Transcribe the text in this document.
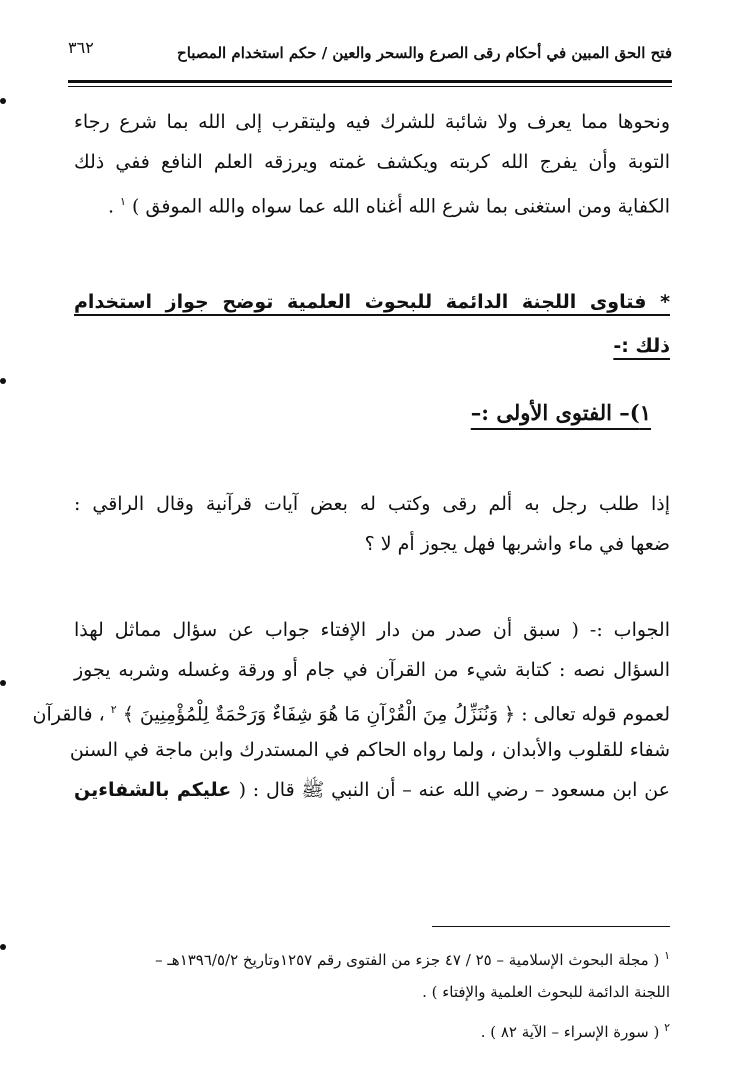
٣٦٢	فتح الحق المبين في أحكام رقى الصرع والسحر والعين / حكم استخدام المصباح
ونحوها مما يعرف ولا شائبة للشرك فيه وليتقرب إلى الله بما شرع رجاء
التوبة وأن يفرج الله كربته ويكشف غمته ويرزقه العلم النافع ففي ذلك
الكفاية ومن استغنى بما شرع الله أغناه الله عما سواه والله الموفق ) $^١$ .
* فتاوى اللجنة الدائمة للبحوث العلمية توضح جواز استخدام
ذلك :-
١)– الفتوى الأولى :–
إذا طلب رجل به ألم رقى وكتب له بعض آيات قرآنية وقال الراقي :
ضعها في ماء واشربها فهل يجوز أم لا ؟
الجواب :- ( سبق أن صدر من دار الإفتاء جواب عن سؤال مماثل لهذا
السؤال نصه : كتابة شيء من القرآن في جام أو ورقة وغسله وشربه يجوز
لعموم قوله تعالى : ﴿ وَنُنَزِّلُ مِنَ الْقُرْآنِ مَا هُوَ شِفَاءٌ وَرَحْمَةٌ لِلْمُؤْمِنِينَ ﴾ $^٢$ ، فالقرآن
شفاء للقلوب والأبدان ، ولما رواه الحاكم في المستدرك وابن ماجة في السنن
عن ابن مسعود – رضي الله عنه – أن النبي ﷺ قال : ( عليكم بالشفاءين
$^١$ ( مجلة البحوث الإسلامية – ٢٥ / ٤٧ جزء من الفتوى رقم ١٢٥٧وتاريخ ١٣٩٦/٥/٢هـ –
اللجنة الدائمة للبحوث العلمية والإفتاء ) .
$^٢$ ( سورة الإسراء – الآية ٨٢ ) .
